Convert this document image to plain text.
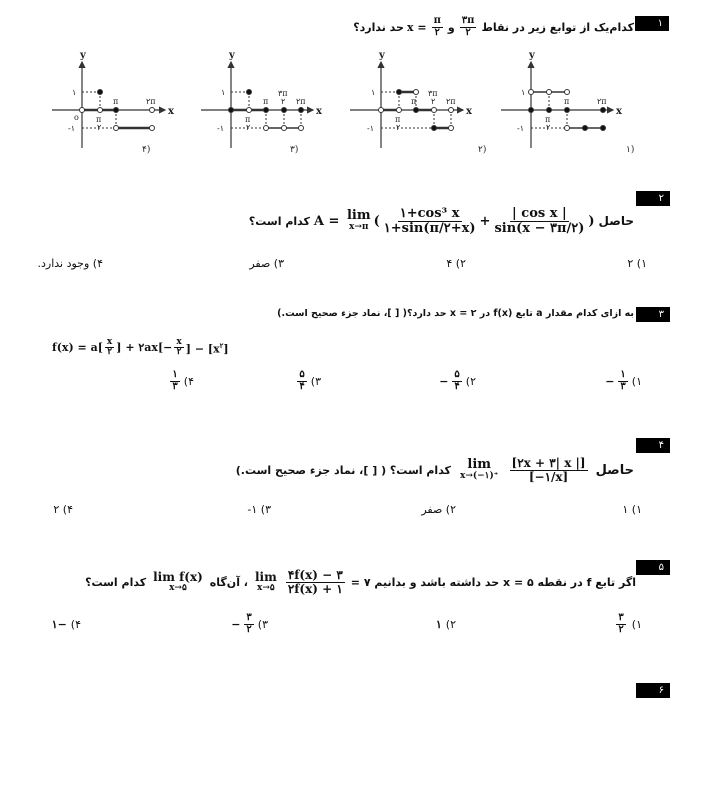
۱
کدام‌یک از توابع زیر در نقاط
$\frac{۳\pi}{۲}$
و
$\frac{\pi}{۲}$
= x
حد ندارد؟
y
x
۱
-۱
o π
۲
π	۲π
۴)
y
x
۱
-۱
π
۲
π
۳π
۲ ۲π
۳)
y
x
۱
-۱
π
۲
π
۳π
۲ ۲π
۲)
y
x
۱
-۱
π
۲
π	۲π
۱)
۲
حاصل
A = lim
x→π ( $\frac{\text{۱+cos³ x}}{۱+\sin(\pi/۲+x)} + \frac{\text{| cos x |}}{\sin(x - ۳\pi/۲)}$ )
کدام است؟
۱) ۲
۲) ۴
۳) صفر
۴) وجود ندارد.
۳
به ازای کدام مقدار a تابع f(x) در ۲ = x حد دارد؟( [ ]، نماد جزء صحیح است.)
$f(x) = a[ \frac{x}{۲}$ ] + ۲ax[− $\frac{x}{۲}$ ] − $[x^۲]$
۱)
$\frac{۱}{۳}$
−
۲)
$\frac{۵}{۴}$
−
۳)
$\frac{۵}{۴}$
۴)
$\frac{۱}{۳}$
۴
حاصل
$\frac{[۲x + ۳| x |]}{[-۱/x]}$
lim
x→(−۱)⁺
کدام است؟ ( [ ]، نماد جزء صحیح است.)
۱) ۱
۲) صفر
۳) ۱-
۴) ۲
۵
اگر تابع f در نقطه ۵ = x حد داشته باشد و بدانیم ۷ =
$\frac{۴f(x) - ۳}{۲f(x) + ۱}$
lim
x→۵
، آن‌گاه
lim f(x)
x→۵
کدام است؟
۱)
$\frac{۳}{۲}$
۲)
۱
۳)
$\frac{۳}{۲}$
−
۴)
−۱
۶
